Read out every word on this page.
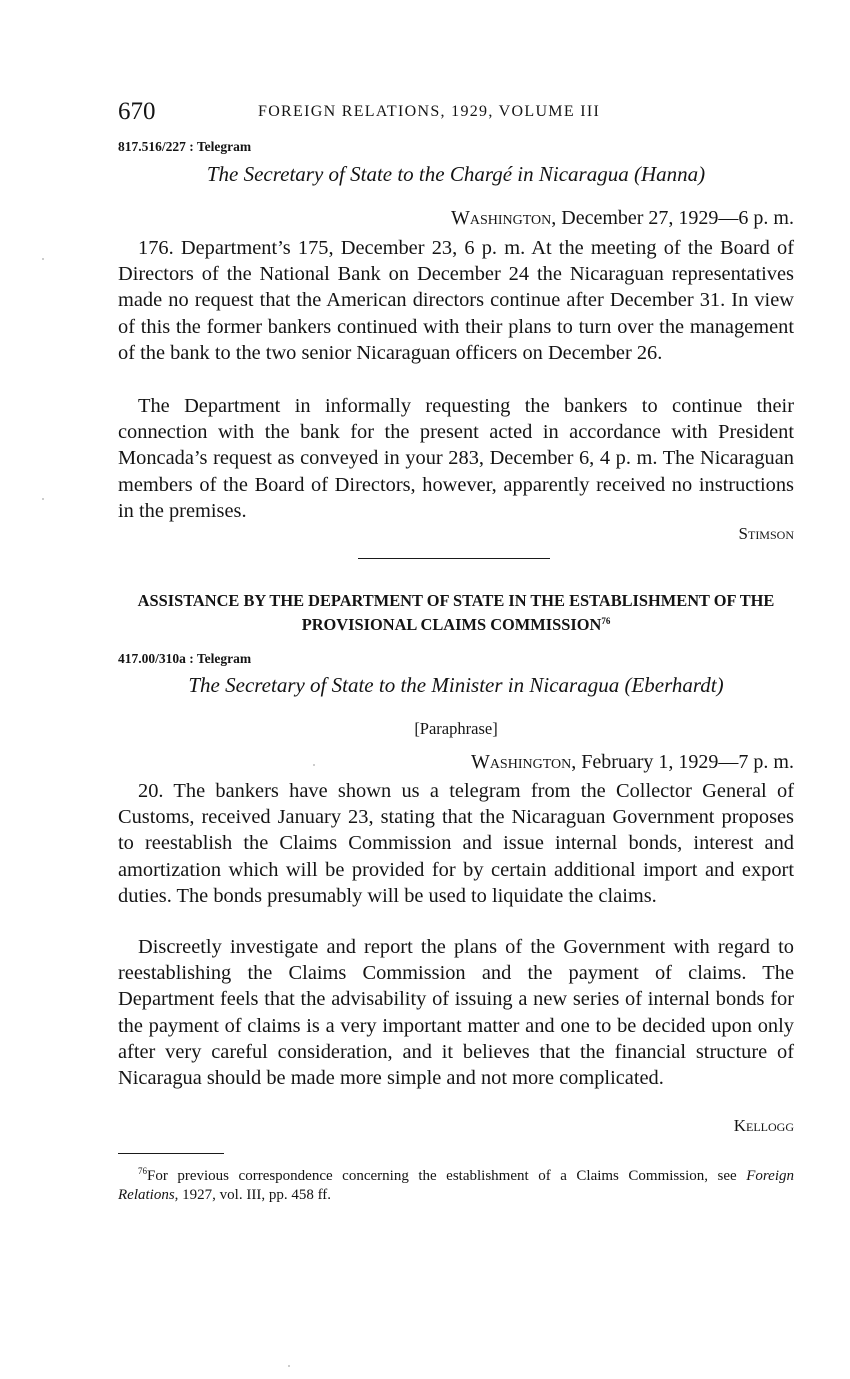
670	FOREIGN RELATIONS, 1929, VOLUME III
817.516/227 : Telegram
The Secretary of State to the Chargé in Nicaragua (Hanna)
Washington, December 27, 1929—6 p. m.

176. Department’s 175, December 23, 6 p. m. At the meeting of the Board of Directors of the National Bank on December 24 the Nicaraguan representatives made no request that the American directors continue after December 31. In view of this the former bankers continued with their plans to turn over the management of the bank to the two senior Nicaraguan officers on December 26.

The Department in informally requesting the bankers to continue their connection with the bank for the present acted in accordance with President Moncada’s request as conveyed in your 283, December 6, 4 p. m. The Nicaraguan members of the Board of Directors, however, apparently received no instructions in the premises.

Stimson

ASSISTANCE BY THE DEPARTMENT OF STATE IN THE ESTABLISHMENT OF THE PROVISIONAL CLAIMS COMMISSION$^{76}$

417.00/310a : Telegram
The Secretary of State to the Minister in Nicaragua (Eberhardt)
[Paraphrase]
Washington, February 1, 1929—7 p. m.

20. The bankers have shown us a telegram from the Collector General of Customs, received January 23, stating that the Nicaraguan Government proposes to reestablish the Claims Commission and issue internal bonds, interest and amortization which will be provided for by certain additional import and export duties. The bonds presumably will be used to liquidate the claims.

Discreetly investigate and report the plans of the Government with regard to reestablishing the Claims Commission and the payment of claims. The Department feels that the advisability of issuing a new series of internal bonds for the payment of claims is a very important matter and one to be decided upon only after very careful consideration, and it believes that the financial structure of Nicaragua should be made more simple and not more complicated.

Kellogg

$^{76}$For previous correspondence concerning the establishment of a Claims Commission, see Foreign Relations, 1927, vol. III, pp. 458 ff.
